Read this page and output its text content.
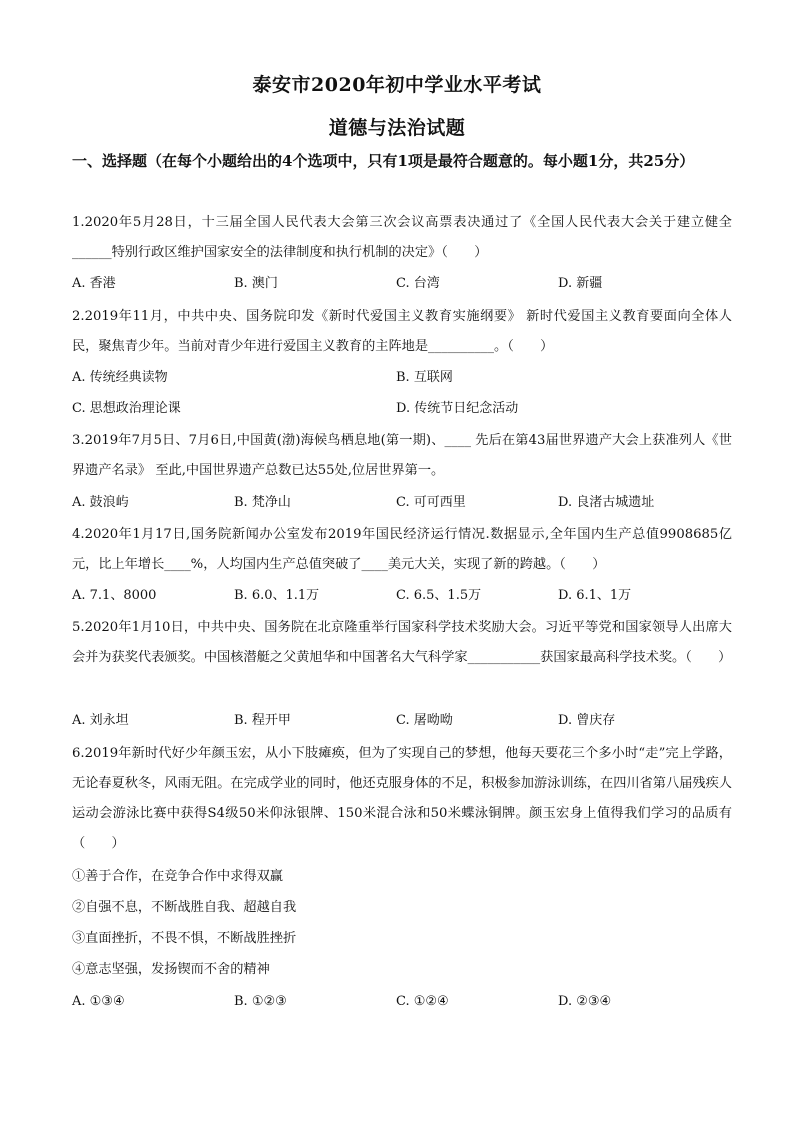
泰安市2020年初中学业水平考试
道德与法治试题
一、选择题（在每个小题给出的4个选项中，只有1项是最符合题意的。每小题1分，共25分）
1.2020年5月28日，十三届全国人民代表大会第三次会议高票表决通过了《全国人民代表大会关于建立健全______特别行政区维护国家安全的法律制度和执行机制的决定》（　　）
A. 香港	B. 澳门	C. 台湾	D. 新疆
2.2019年11月，中共中央、国务院印发《新时代爱国主义教育实施纲要》 新时代爱国主义教育要面向全体人民，聚焦青少年。当前对青少年进行爱国主义教育的主阵地是__________。（　　）
A. 传统经典读物	B. 互联网
C. 思想政治理论课	D. 传统节日纪念活动
3.2019年7月5日、7月6日,中国黄(渤)海候鸟栖息地(第一期)、____ 先后在第43届世界遗产大会上获准列人《世界遗产名录》 至此,中国世界遗产总数已达55处,位居世界第一。
A. 鼓浪屿	B. 梵净山	C. 可可西里	D. 良渚古城遗址
4.2020年1月17日,国务院新闻办公室发布2019年国民经济运行情况.数据显示,全年国内生产总值9908685亿元，比上年增长____%，人均国内生产总值突破了____美元大关，实现了新的跨越。（　　）
A. 7.1、8000	B. 6.0、1.1万	C. 6.5、1.5万	D. 6.1、1万
5.2020年1月10日，中共中央、国务院在北京隆重举行国家科学技术奖励大会。习近平等党和国家领导人出席大会并为获奖代表颁奖。中国核潜艇之父黄旭华和中国著名大气科学家___________获国家最高科学技术奖。（　　）
A. 刘永坦	B. 程开甲	C. 屠呦呦	D. 曾庆存
6.2019年新时代好少年颜玉宏，从小下肢瘫痪，但为了实现自己的梦想，他每天要花三个多小时“走”完上学路，无论春夏秋冬，风雨无阻。在完成学业的同时，他还克服身体的不足，积极参加游泳训练，在四川省第八届残疾人运动会游泳比赛中获得S4级50米仰泳银牌、150米混合泳和50米蝶泳铜牌。颜玉宏身上值得我们学习的品质有（　　）
①善于合作，在竞争合作中求得双赢
②自强不息，不断战胜自我、超越自我
③直面挫折，不畏不惧，不断战胜挫折
④意志坚强，发扬锲而不舍的精神
A. ①③④	B. ①②③	C. ①②④	D. ②③④
